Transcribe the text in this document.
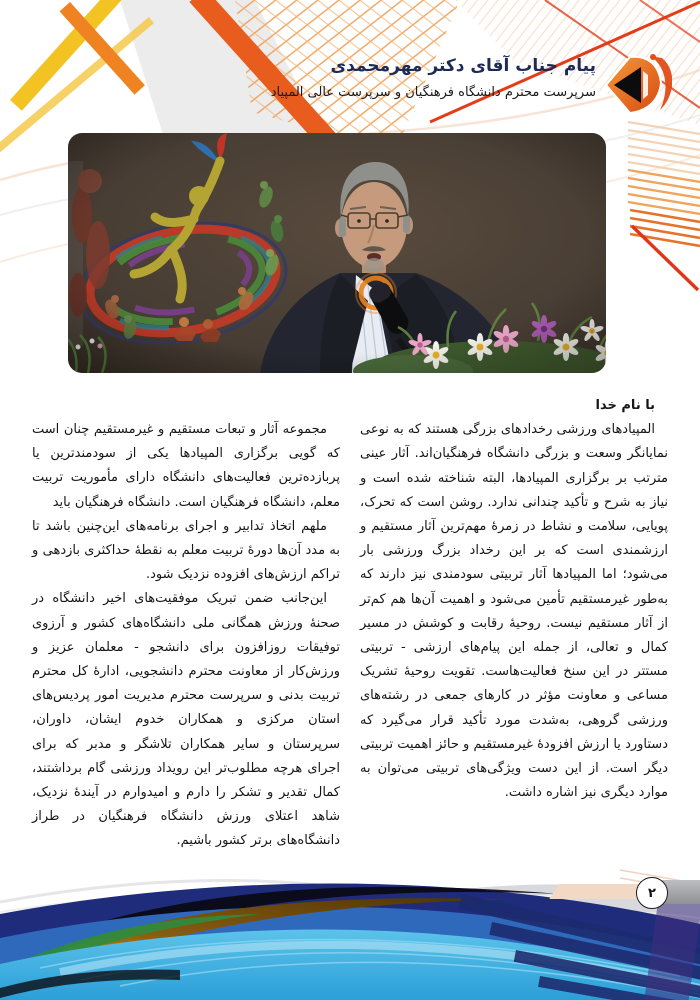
پیام جناب آقای دکتر مهرمحمدی
سرپرست محترم دانشگاه فرهنگیان و سرپرست عالی المپیاد

با نام خدا

المپیادهای ورزشی رخدادهای بزرگی هستند که به نوعی نمایانگر وسعت و بزرگی دانشگاه فرهنگیان‌اند. آثار عینی مترتب بر برگزاری المپیادها، البته شناخته شده است و نیاز به شرح و تأکید چندانی ندارد. روشن است که تحرک، پویایی، سلامت و نشاط در زمرهٔ مهم‌ترین آثار مستقیم و ارزشمندی است که بر این رخداد بزرگ ورزشی بار می‌شود؛ اما المپیادها آثار تربیتی سودمندی نیز دارند که به‌طور غیرمستقیم تأمین می‌شود و اهمیت آن‌ها هم کم‌تر از آثار مستقیم نیست. روحیهٔ رقابت و کوشش در مسیر کمال و تعالی، از جمله این پیام‌های ارزشی - تربیتی مستتر در این سنخ فعالیت‌هاست. تقویت روحیهٔ تشریک مساعی و معاونت مؤثر در کارهای جمعی در رشته‌های ورزشی گروهی، به‌شدت مورد تأکید قرار می‌گیرد که دستاورد یا ارزش افزودهٔ غیرمستقیم و حائز اهمیت تربیتی دیگر است. از این دست ویژگی‌های تربیتی می‌توان به موارد دیگری نیز اشاره داشت.

مجموعه آثار و تبعات مستقیم و غیرمستقیم چنان است که گویی برگزاری المپیادها یکی از سودمندترین یا پربازده‌ترین فعالیت‌های دانشگاه دارای مأموریت تربیت معلم، دانشگاه فرهنگیان است. دانشگاه فرهنگیان باید

ملهم اتخاذ تدابیر و اجرای برنامه‌های این‌چنین باشد تا به مدد آن‌ها دورهٔ تربیت معلم به نقطهٔ حداکثری بازدهی و تراکم ارزش‌های افزوده نزدیک شود.

این‌جانب ضمن تبریک موفقیت‌های اخیر دانشگاه در صحنهٔ ورزش همگانی ملی دانشگاه‌های کشور و آرزوی توفیقات روزافزون برای دانشجو - معلمان عزیز و ورزش‌کار از معاونت محترم دانشجویی، ادارهٔ کل محترم تربیت بدنی و سرپرست محترم مدیریت امور پردیس‌های استان مرکزی و همکاران خدوم ایشان، داوران، سرپرستان و سایر همکاران تلاشگر و مدبر که برای اجرای هرچه مطلوب‌تر این رویداد ورزشی گام برداشتند، کمال تقدیر و تشکر را دارم و امیدوارم در آیندهٔ نزدیک، شاهد اعتلای ورزش دانشگاه فرهنگیان در طراز دانشگاه‌های برتر کشور باشیم.

۲
